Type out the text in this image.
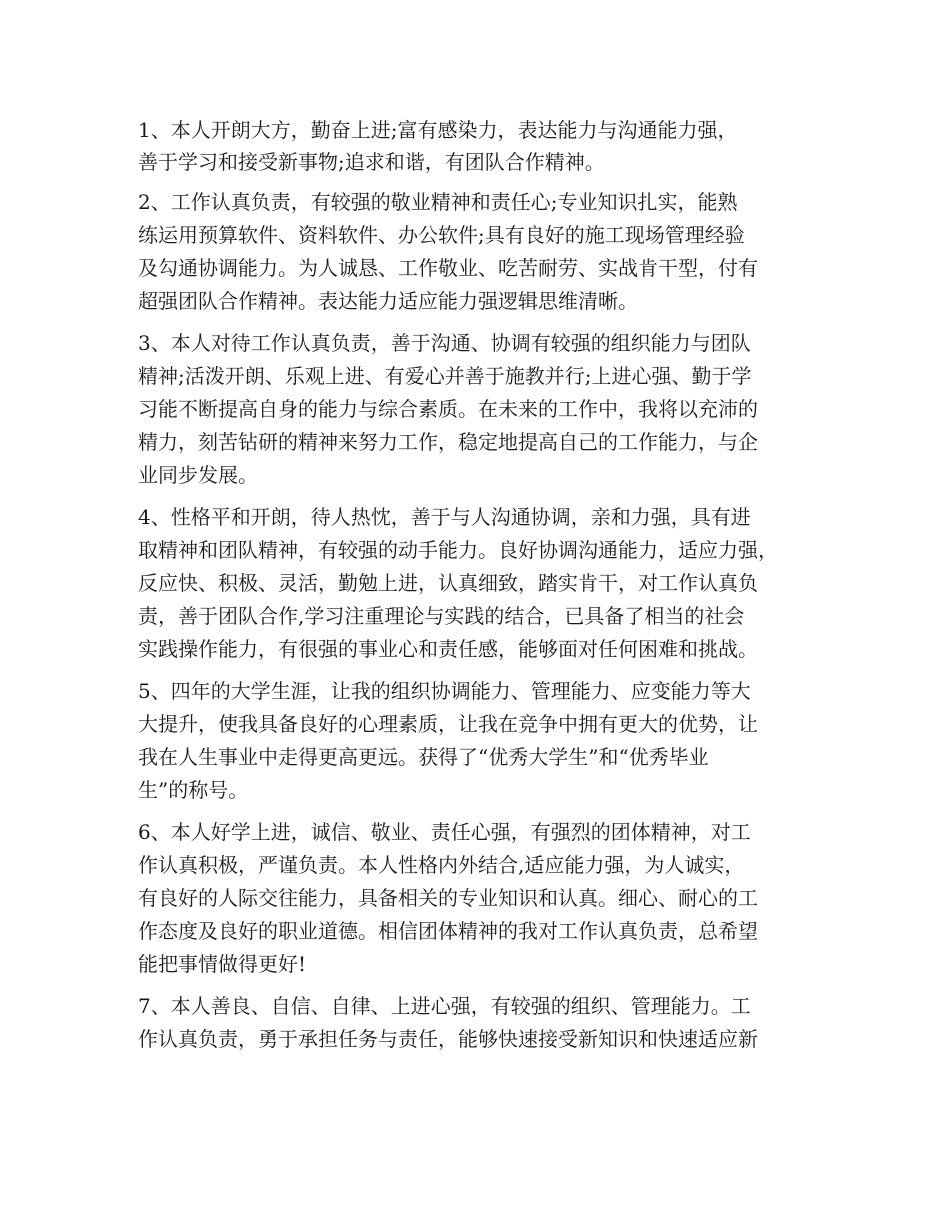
1、本人开朗大方，勤奋上进;富有感染力，表达能力与沟通能力强，

善于学习和接受新事物;追求和谐，有团队合作精神。

2、工作认真负责，有较强的敬业精神和责任心;专业知识扎实，能熟

练运用预算软件、资料软件、办公软件;具有良好的施工现场管理经验

及勾通协调能力。为人诚恳、工作敬业、吃苦耐劳、实战肯干型，付有

超强团队合作精神。表达能力适应能力强逻辑思维清晰。

3、本人对待工作认真负责，善于沟通、协调有较强的组织能力与团队

精神;活泼开朗、乐观上进、有爱心并善于施教并行;上进心强、勤于学

习能不断提高自身的能力与综合素质。在未来的工作中，我将以充沛的

精力，刻苦钻研的精神来努力工作，稳定地提高自己的工作能力，与企

业同步发展。

4、性格平和开朗，待人热忱，善于与人沟通协调，亲和力强，具有进

取精神和团队精神，有较强的动手能力。良好协调沟通能力，适应力强，

反应快、积极、灵活，勤勉上进，认真细致，踏实肯干，对工作认真负

责，善于团队合作,学习注重理论与实践的结合，已具备了相当的社会

实践操作能力，有很强的事业心和责任感，能够面对任何困难和挑战。

5、四年的大学生涯，让我的组织协调能力、管理能力、应变能力等大

大提升，使我具备良好的心理素质，让我在竞争中拥有更大的优势，让

我在人生事业中走得更高更远。获得了“优秀大学生”和“优秀毕业

生”的称号。

6、本人好学上进，诚信、敬业、责任心强，有强烈的团体精神，对工

作认真积极，严谨负责。本人性格内外结合,适应能力强，为人诚实，

有良好的人际交往能力，具备相关的专业知识和认真。细心、耐心的工

作态度及良好的职业道德。相信团体精神的我对工作认真负责，总希望

能把事情做得更好!

7、本人善良、自信、自律、上进心强，有较强的组织、管理能力。工

作认真负责，勇于承担任务与责任，能够快速接受新知识和快速适应新
